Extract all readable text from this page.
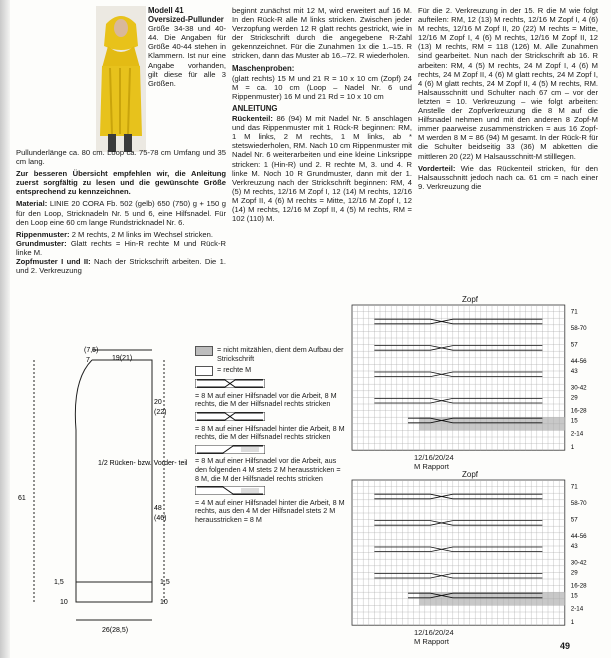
Modell 41
Oversized-Pullunder

Größe 34-38 und 40-44. Die Angaben für Größe 40-44 stehen in Klammern. Ist nur eine Angabe vorhanden, gilt diese für alle 3 Größen.

Pullunderlänge ca. 80 cm. Loop ca. 75-78 cm Umfang und 35 cm lang.

Zur besseren Übersicht empfehlen wir, die Anleitung zuerst sorgfältig zu lesen und die gewünschte Größe entsprechend zu kennzeichnen.

Material: LINIE 20 CORA Fb. 502 (gelb) 650 (750) g + 150 g für den Loop, Stricknadeln Nr. 5 und 6, eine Hilfsnadel. Für den Loop eine 60 cm lange Rundstricknadel Nr. 6.

Rippenmuster: 2 M rechts, 2 M links im Wechsel stricken.
Grundmuster: Glatt rechts = Hin-R rechte M und Rück-R linke M.
Zopfmuster I und II: Nach der Strickschrift arbeiten. Die 1. und 2. Verkreuzung

beginnt zunächst mit 12 M, wird erweitert auf 16 M. In den Rück-R alle M links stricken. Zwischen jeder Verzopfung werden 12 R glatt rechts gestrickt, wie in der Strickschrift durch die angegebene R-Zahl gekennzeichnet. Für die Zunahmen 1x die 1.–15. R stricken, dann das Muster ab 16.–72. R wiederholen.

Maschenproben:

(glatt rechts) 15 M und 21 R = 10 x 10 cm (Zopf) 24 M = ca. 10 cm (Loop – Nadel Nr. 6 und Rippenmuster) 16 M und 21 Rd = 10 x 10 cm

ANLEITUNG

Rückenteil: 86 (94) M mit Nadel Nr. 5 anschlagen und das Rippenmuster mit 1 Rück-R beginnen: RM, 1 M links, 2 M rechts, 1 M links, ab * stetswiederholen, RM. Nach 10 cm Rippenmuster mit Nadel Nr. 6 weiterarbeiten und eine kleine Linksrippe stricken: 1 (Hin-R) und 2. R rechte M, 3. und 4. R linke M. Noch 10 R Grundmuster, dann mit der 1. Verkreuzung nach der Strickschrift beginnen: RM, 4 (5) M rechts, 12/16 M Zopf I, 12 (14) M rechts, 12/16 M Zopf II, 4 (6) M rechts = Mitte, 12/16 M Zopf I, 12 (14) M rechts, 12/16 M Zopf II, 4 (5) M rechts, RM = 102 (110) M.

Für die 2. Verkreuzung in der 15. R die M wie folgt aufteilen: RM, 12 (13) M rechts, 12/16 M Zopf I, 4 (6) M rechts, 12/16 M Zopf II, 20 (22) M rechts = Mitte, 12/16 M Zopf I, 4 (6) M rechts, 12/16 M Zopf II, 12 (13) M rechts, RM = 118 (126) M. Alle Zunahmen sind gearbeitet. Nun nach der Strickschrift ab 16. R arbeiten: RM, 4 (5) M rechts, 24 M Zopf I, 4 (6) M rechts, 24 M Zopf II, 4 (6) M glatt rechts, 24 M Zopf I, 4 (6) M glatt rechts, 24 M Zopf II, 4 (5) M rechts, RM. Halsausschnitt und Schulter nach 67 cm – vor der letzten = 10. Verkreuzung – wie folgt arbeiten: Anstelle der Zopfverkreuzung die 8 M auf die Hilfsnadel nehmen und mit den anderen 8 Zopf-M immer paarweise zusammenstricken = aus 16 Zopf-M werden 8 M = 86 (94) M gesamt. In der Rück-R für die Schulter beidseitig 33 (36) M abketten die mittleren 20 (22) M Halsausschnitt-M stilllegen.

Vorderteil: Wie das Rückenteil stricken, für den Halsausschnitt jedoch nach ca. 61 cm = nach einer 9. Verkreuzung die

(7,5)
7	19(21)
20
(22)
1/2 Rücken- bzw. Vorder- teil
48
(46)
61
1,5	1,5
10	10
26(28,5)
= nicht mitzählen, dient dem Aufbau der Strickschrift
= rechte M
= 8 M auf einer Hilfsnadel vor die Arbeit, 8 M rechts, die M der Hilfsnadel rechts stricken
= 8 M auf einer Hilfsnadel hinter die Arbeit, 8 M rechts, die M der Hilfsnadel rechts stricken
= 8 M auf einer Hilfsnadel vor die Arbeit, aus den folgenden 4 M stets 2 M herausstricken = 8 M, die M der Hilfsnadel rechts stricken
= 4 M auf einer Hilfsnadel hinter die Arbeit, 8 M rechts, aus den 4 M der Hilfsnadel stets 2 M herausstricken = 8 M
Zopf
71
58-70
57
44-56
43
30-42
29
16-28
15
2-14
1
12/16/20/24 M Rapport
Zopf
71
58-70
57
44-56
43
30-42
29
16-28
15
2-14
1
12/16/20/24 M Rapport	49
